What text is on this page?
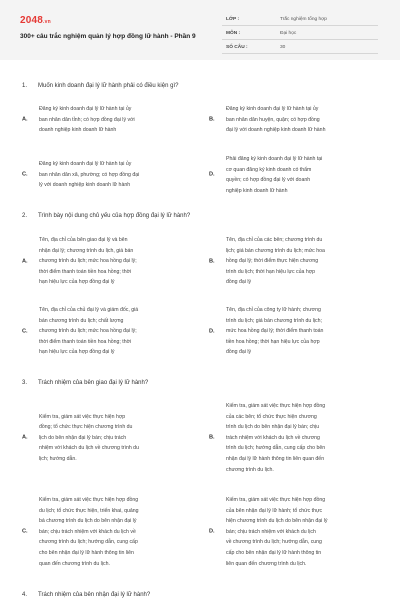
2048.vn
300+ câu trắc nghiệm quản lý hợp đồng lữ hành - Phần 9
LỚP :	Trắc nghiệm tổng hợp
MÔN :	Đại học
SỐ CÂU :	30
1. Muốn kinh doanh đại lý lữ hành phải có điều kiện gì?
A.
Đăng ký kinh doanh đại lý lữ hành tại ủy
ban nhân dân tỉnh; có hợp đồng đại lý với
doanh nghiệp kinh doanh lữ hành
B.
Đăng ký kinh doanh đại lý lữ hành tại ủy
ban nhân dân huyện, quận; có hợp đồng
đại lý với doanh nghiệp kinh doanh lữ hành
C.
Đăng ký kinh doanh đại lý lữ hành tại ủy
ban nhân dân xã, phường; có hợp đồng đại
lý với doanh nghiệp kinh doanh lữ hành
D.
Phải đăng ký kinh doanh đại lý lữ hành tại
cơ quan đăng ký kinh doanh có thẩm
quyền; có hợp đồng đại lý với doanh
nghiệp kinh doanh lữ hành
2. Trình bày nội dung chủ yếu của hợp đồng đại lý lữ hành?
A.
Tên, địa chỉ của bên giao đại lý và bên
nhận đại lý; chương trình du lịch, giá bán
chương trình du lịch; mức hoa hồng đại lý;
thời điểm thanh toán tiền hoa hồng; thời
hạn hiệu lực của hợp đồng đại lý
B.
Tên, địa chỉ của các bên; chương trình du
lịch; giá bán chương trình du lịch; mức hoa
hồng đại lý; thời điểm thực hiện chương
trình du lịch; thời hạn hiệu lực của hợp
đồng đại lý
C.
Tên, địa chỉ của chủ đại lý và giám đốc, giá
bán chương trình du lịch; chất lượng
chương trình du lịch; mức hoa hồng đại lý;
thời điểm thanh toán tiền hoa hồng; thời
hạn hiệu lực của hợp đồng đại lý
D.
Tên, địa chỉ của công ty lữ hành; chương
trình du lịch; giá bán chương trình du lịch;
mức hoa hồng đại lý; thời điểm thanh toán
tiền hoa hồng; thời hạn hiệu lực của hợp
đồng đại lý
3. Trách nhiệm của bên giao đại lý lữ hành?
A.
Kiểm tra, giám sát việc thực hiện hợp
đồng; tổ chức thực hiện chương trình du
lịch do bên nhận đại lý bán; chịu trách
nhiệm với khách du lịch về chương trình du
lịch; hướng dẫn.
B.
Kiểm tra, giám sát việc thực hiện hợp đồng
của các bên; tổ chức thực hiện chương
trình du lịch do bên nhận đại lý bán; chịu
trách nhiệm với khách du lịch về chương
trình du lịch; hướng dẫn, cung cấp cho bên
nhận đại lý lữ hành thông tin liên quan đến
chương trình du lịch.
C.
Kiểm tra, giám sát việc thực hiện hợp đồng
du lịch; tổ chức thực hiện, triển khai, quảng
bá chương trình du lịch do bên nhận đại lý
bán; chịu trách nhiệm với khách du lịch về
chương trình du lịch; hướng dẫn, cung cấp
cho bên nhận đại lý lữ hành thông tin liên
quan đến chương trình du lịch.
D.
Kiểm tra, giám sát việc thực hiện hợp đồng
của bên nhận đại lý lữ hành; tổ chức thực
hiện chương trình du lịch do bên nhận đại lý
bán; chịu trách nhiệm với khách du lịch
về chương trình du lịch; hướng dẫn, cung
cấp cho bên nhận đại lý lữ hành thông tin
liên quan đến chương trình du lịch.
4. Trách nhiệm của bên nhận đại lý lữ hành?
